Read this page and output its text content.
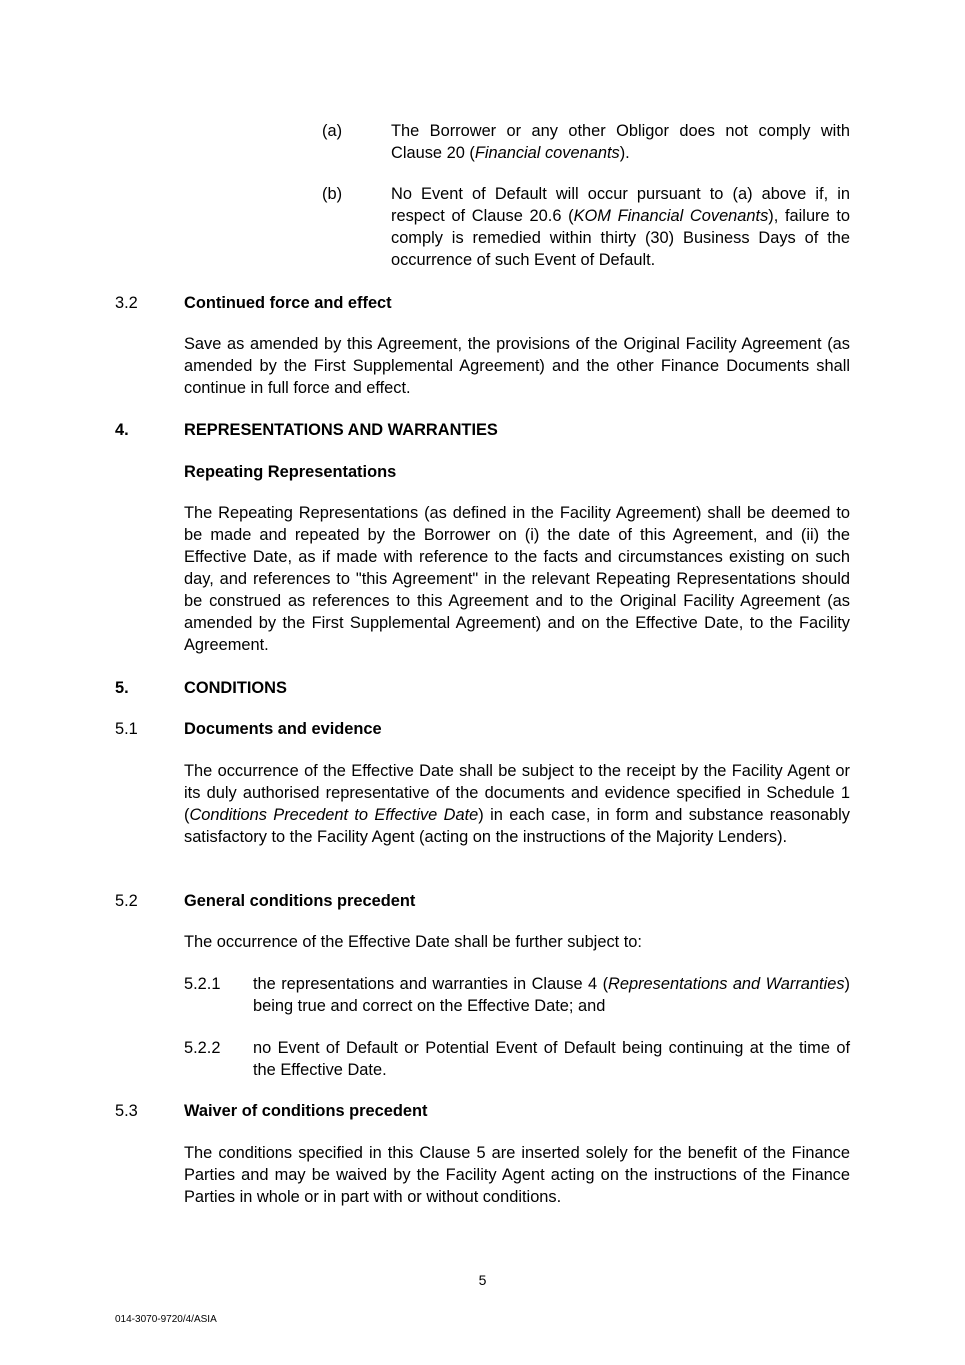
(a)	The Borrower or any other Obligor does not comply with Clause 20 (Financial covenants).
(b)	No Event of Default will occur pursuant to (a) above if, in respect of Clause 20.6 (KOM Financial Covenants), failure to comply is remedied within thirty (30) Business Days of the occurrence of such Event of Default.
3.2	Continued force and effect
Save as amended by this Agreement, the provisions of the Original Facility Agreement (as amended by the First Supplemental Agreement) and the other Finance Documents shall continue in full force and effect.
4.	REPRESENTATIONS AND WARRANTIES
Repeating Representations
The Repeating Representations (as defined in the Facility Agreement) shall be deemed to be made and repeated by the Borrower on (i) the date of this Agreement, and (ii) the Effective Date, as if made with reference to the facts and circumstances existing on such day, and references to "this Agreement" in the relevant Repeating Representations should be construed as references to this Agreement and to the Original Facility Agreement (as amended by the First Supplemental Agreement) and on the Effective Date, to the Facility Agreement.
5.	CONDITIONS
5.1	Documents and evidence
The occurrence of the Effective Date shall be subject to the receipt by the Facility Agent or its duly authorised representative of the documents and evidence specified in Schedule 1 (Conditions Precedent to Effective Date) in each case, in form and substance reasonably satisfactory to the Facility Agent (acting on the instructions of the Majority Lenders).
5.2	General conditions precedent
The occurrence of the Effective Date shall be further subject to:
5.2.1 the representations and warranties in Clause 4 (Representations and Warranties) being true and correct on the Effective Date; and
5.2.2 no Event of Default or Potential Event of Default being continuing at the time of the Effective Date.
5.3	Waiver of conditions precedent
The conditions specified in this Clause 5 are inserted solely for the benefit of the Finance Parties and may be waived by the Facility Agent acting on the instructions of the Finance Parties in whole or in part with or without conditions.
5
014-3070-9720/4/ASIA
